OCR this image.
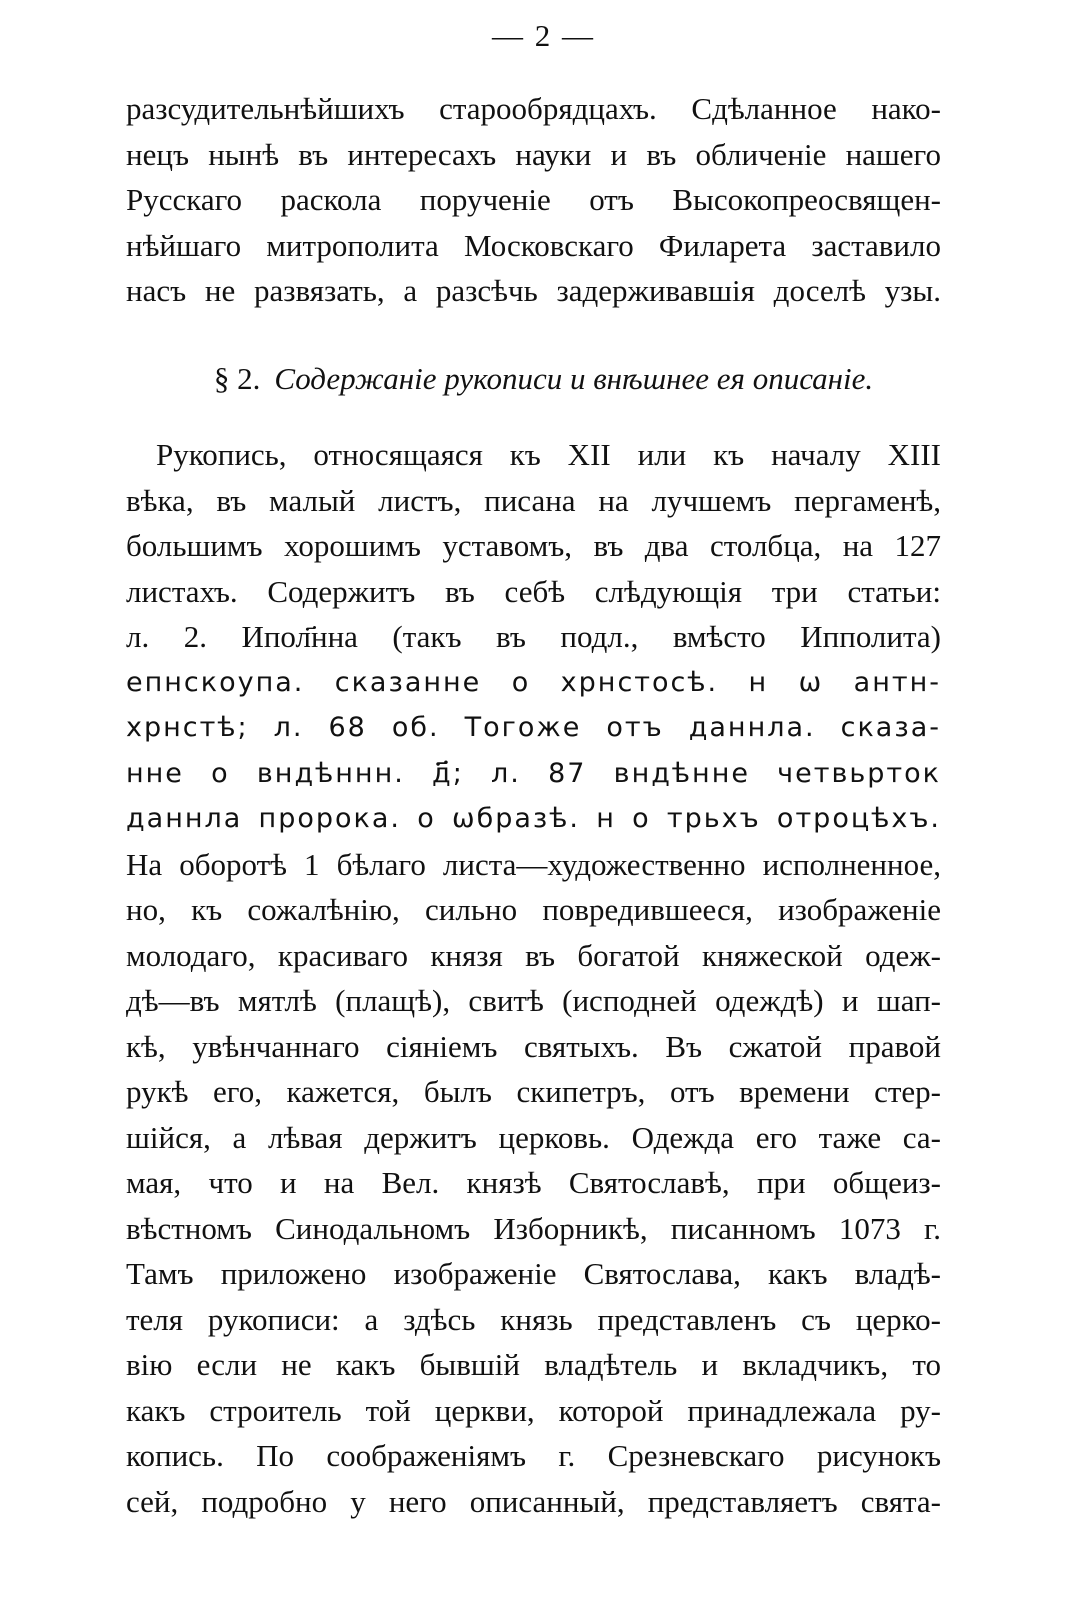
— 2 —
разсудительнѣйшихъ старообрядцахъ. Сдѣланное нако-
нецъ нынѣ въ интересахъ науки и въ обличеніе нашего
Русскаго раскола порученіе отъ Высокопреосвящен-
нѣйшаго митрополита Московскаго Филарета заставило
насъ не развязать, а разсѣчь задерживавшія доселѣ узы.
§ 2. Содержаніе рукописи и внѣшнее ея описаніе.
Рукопись, относящаяся къ XII или къ началу XIII
вѣка, въ малый листъ, писана на лучшемъ пергаменѣ,
большимъ хорошимъ уставомъ, въ два столбца, на 127
листахъ. Содержитъ въ себѣ слѣдующія три статьи:
л. 2. Ипол҃нна (такъ въ подл., вмѣсто Ипполита)
епнскоупа. сказанне о хрнстосѣ. н ѡ антн-
хрнстѣ; л. 68 об. Тогоже отъ даннла. сказа-
нне о вндѣннн. д҃; л. 87 вндѣнне четвьрток
даннла пророка. о ѡбразѣ. н о трьхъ отроцѣхъ.
На оборотѣ 1 бѣлаго листа—художественно исполненное,
но, къ сожалѣнію, сильно повредившееся, изображеніе
молодаго, красиваго князя въ богатой княжеской одеж-
дѣ—въ мятлѣ (плащѣ), свитѣ (исподней одеждѣ) и шап-
кѣ, увѣнчаннаго сіяніемъ святыхъ. Въ сжатой правой
рукѣ его, кажется, былъ скипетръ, отъ времени стер-
шійся, а лѣвая держитъ церковь. Одежда его таже са-
мая, что и на Вел. князѣ Святославѣ, при общеиз-
вѣстномъ Синодальномъ Изборникѣ, писанномъ 1073 г.
Тамъ приложено изображеніе Святослава, какъ владѣ-
теля рукописи: а здѣсь князь представленъ съ церко-
вію если не какъ бывшій владѣтель и вкладчикъ, то
какъ строитель той церкви, которой принадлежала ру-
копись. По соображеніямъ г. Срезневскаго рисунокъ
сей, подробно у него описанный, представляетъ свята-
